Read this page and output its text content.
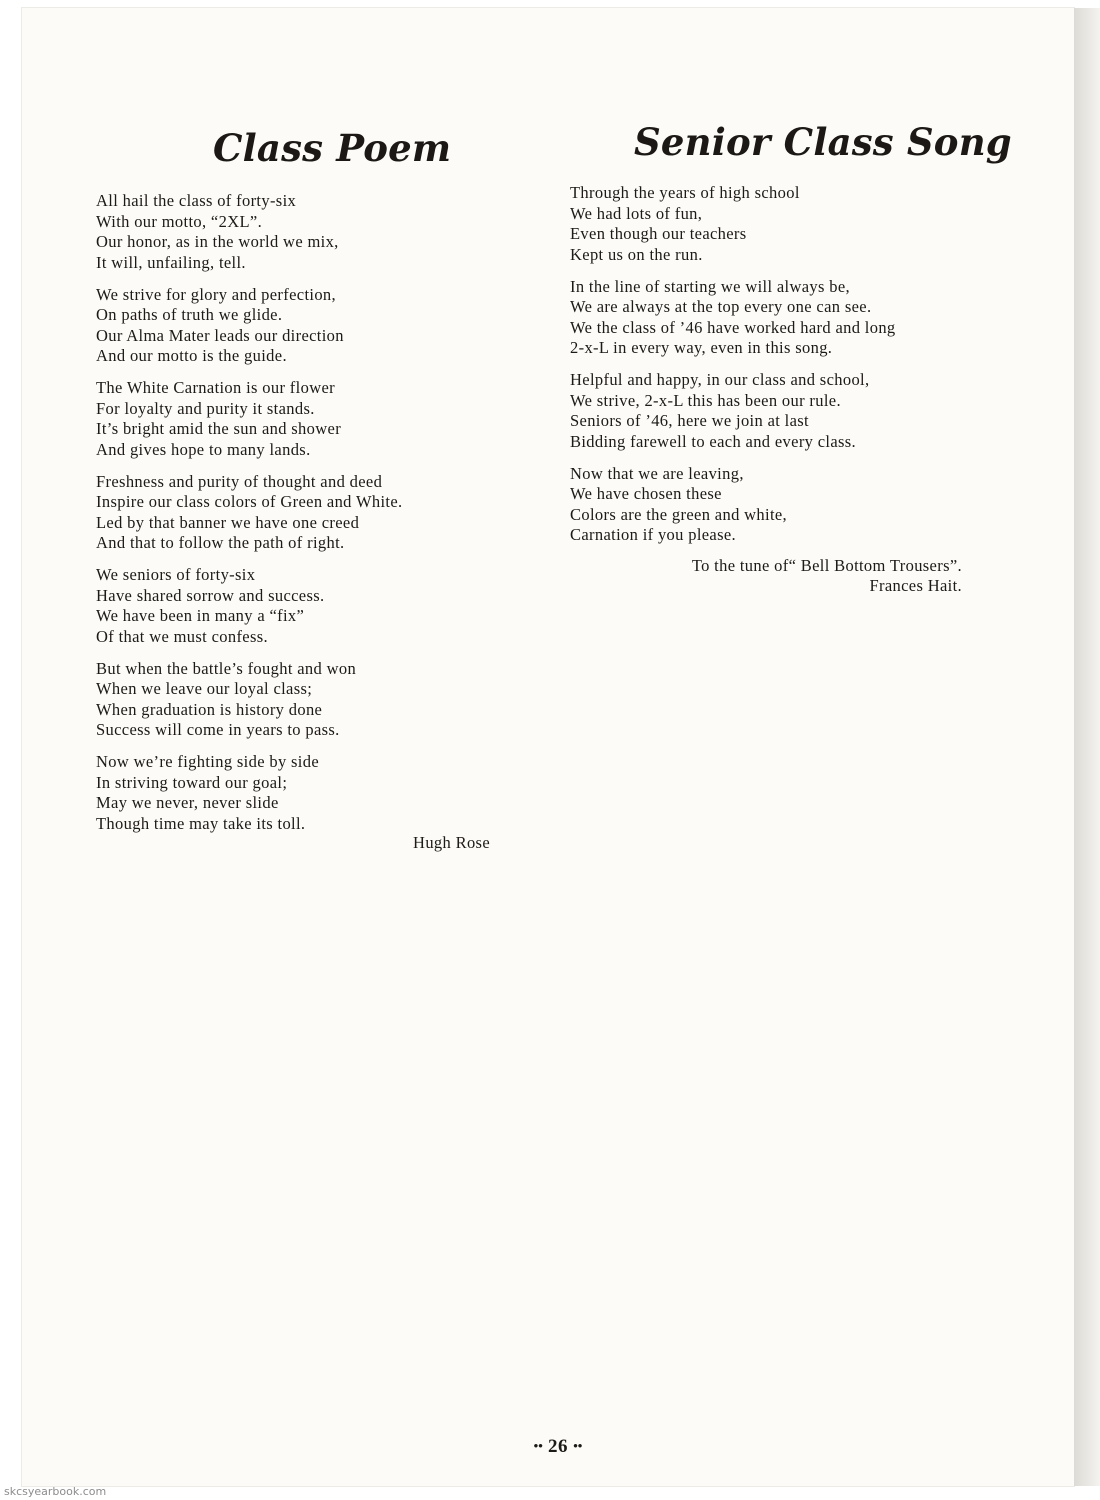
Class Poem	Senior Class Song

All hail the class of forty-six
With our motto, “2XL”.
Our honor, as in the world we mix,
It will, unfailing, tell.

We strive for glory and perfection,
On paths of truth we glide.
Our Alma Mater leads our direction
And our motto is the guide.

The White Carnation is our flower
For loyalty and purity it stands.
It’s bright amid the sun and shower
And gives hope to many lands.

Freshness and purity of thought and deed
Inspire our class colors of Green and White.
Led by that banner we have one creed
And that to follow the path of right.

We seniors of forty-six
Have shared sorrow and success.
We have been in many a “fix”
Of that we must confess.

But when the battle’s fought and won
When we leave our loyal class;
When graduation is history done
Success will come in years to pass.

Now we’re fighting side by side
In striving toward our goal;
May we never, never slide
Though time may take its toll.

Hugh Rose

Through the years of high school
We had lots of fun,
Even though our teachers
Kept us on the run.

In the line of starting we will always be,
We are always at the top every one can see.
We the class of ’46 have worked hard and long
2-x-L in every way, even in this song.

Helpful and happy, in our class and school,
We strive, 2-x-L this has been our rule.
Seniors of ’46, here we join at last
Bidding farewell to each and every class.

Now that we are leaving,
We have chosen these
Colors are the green and white,
Carnation if you please.

To the tune of“ Bell Bottom Trousers”.
Frances Hait.
•• 26 ••
skcsyearbook.com
